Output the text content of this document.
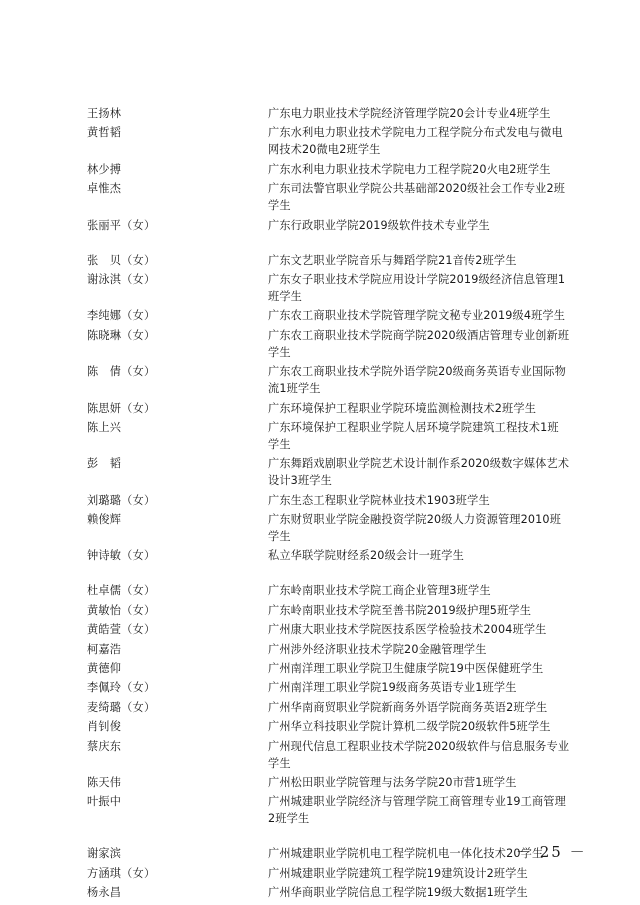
王扬林	广东电力职业技术学院经济管理学院20会计专业4班学生
黄哲韬	广东水利电力职业技术学院电力工程学院分布式发电与微电网技术20微电2班学生
林少搏	广东水利电力职业技术学院电力工程学院20火电2班学生
卓惟杰	广东司法警官职业学院公共基础部2020级社会工作专业2班学生
张丽平（女）	广东行政职业学院2019级软件技术专业学生
张　贝（女）	广东文艺职业学院音乐与舞蹈学院21音传2班学生
谢泳淇（女）	广东女子职业技术学院应用设计学院2019级经济信息管理1班学生
李纯娜（女）	广东农工商职业技术学院管理学院文秘专业2019级4班学生
陈晓琳（女）	广东农工商职业技术学院商学院2020级酒店管理专业创新班学生
陈　倩（女）	广东农工商职业技术学院外语学院20级商务英语专业国际物流1班学生
陈思妍（女）	广东环境保护工程职业学院环境监测检测技术2班学生
陈上兴	广东环境保护工程职业学院人居环境学院建筑工程技术1班学生
彭　韬	广东舞蹈戏剧职业学院艺术设计制作系2020级数字媒体艺术设计3班学生
刘璐璐（女）	广东生态工程职业学院林业技术1903班学生
赖俊辉	广东财贸职业学院金融投资学院20级人力资源管理2010班学生
钟诗敏（女）	私立华联学院财经系20级会计一班学生
杜卓儒（女）	广东岭南职业技术学院工商企业管理3班学生
黄敏怡（女）	广东岭南职业技术学院至善书院2019级护理5班学生
黄皓萱（女）	广州康大职业技术学院医技系医学检验技术2004班学生
柯嘉浩	广州涉外经济职业技术学院20金融管理学生
黄德仰	广州南洋理工职业学院卫生健康学院19中医保健班学生
李佩玲（女）	广州南洋理工职业学院19级商务英语专业1班学生
麦绮璐（女）	广州华南商贸职业学院新商务外语学院商务英语2班学生
肖钊俊	广州华立科技职业学院计算机二级学院20级软件5班学生
蔡庆东	广州现代信息工程职业技术学院2020级软件与信息服务专业学生
陈天伟	广州松田职业学院管理与法务学院20市营1班学生
叶振中	广州城建职业学院经济与管理学院工商管理专业19工商管理2班学生
谢家滨	广州城建职业学院机电工程学院机电一体化技术20学生
方涵琪（女）	广州城建职业学院建筑工程学院19建筑设计2班学生
杨永昌	广州华商职业学院信息工程学院19级大数据1班学生
－ 25 －
